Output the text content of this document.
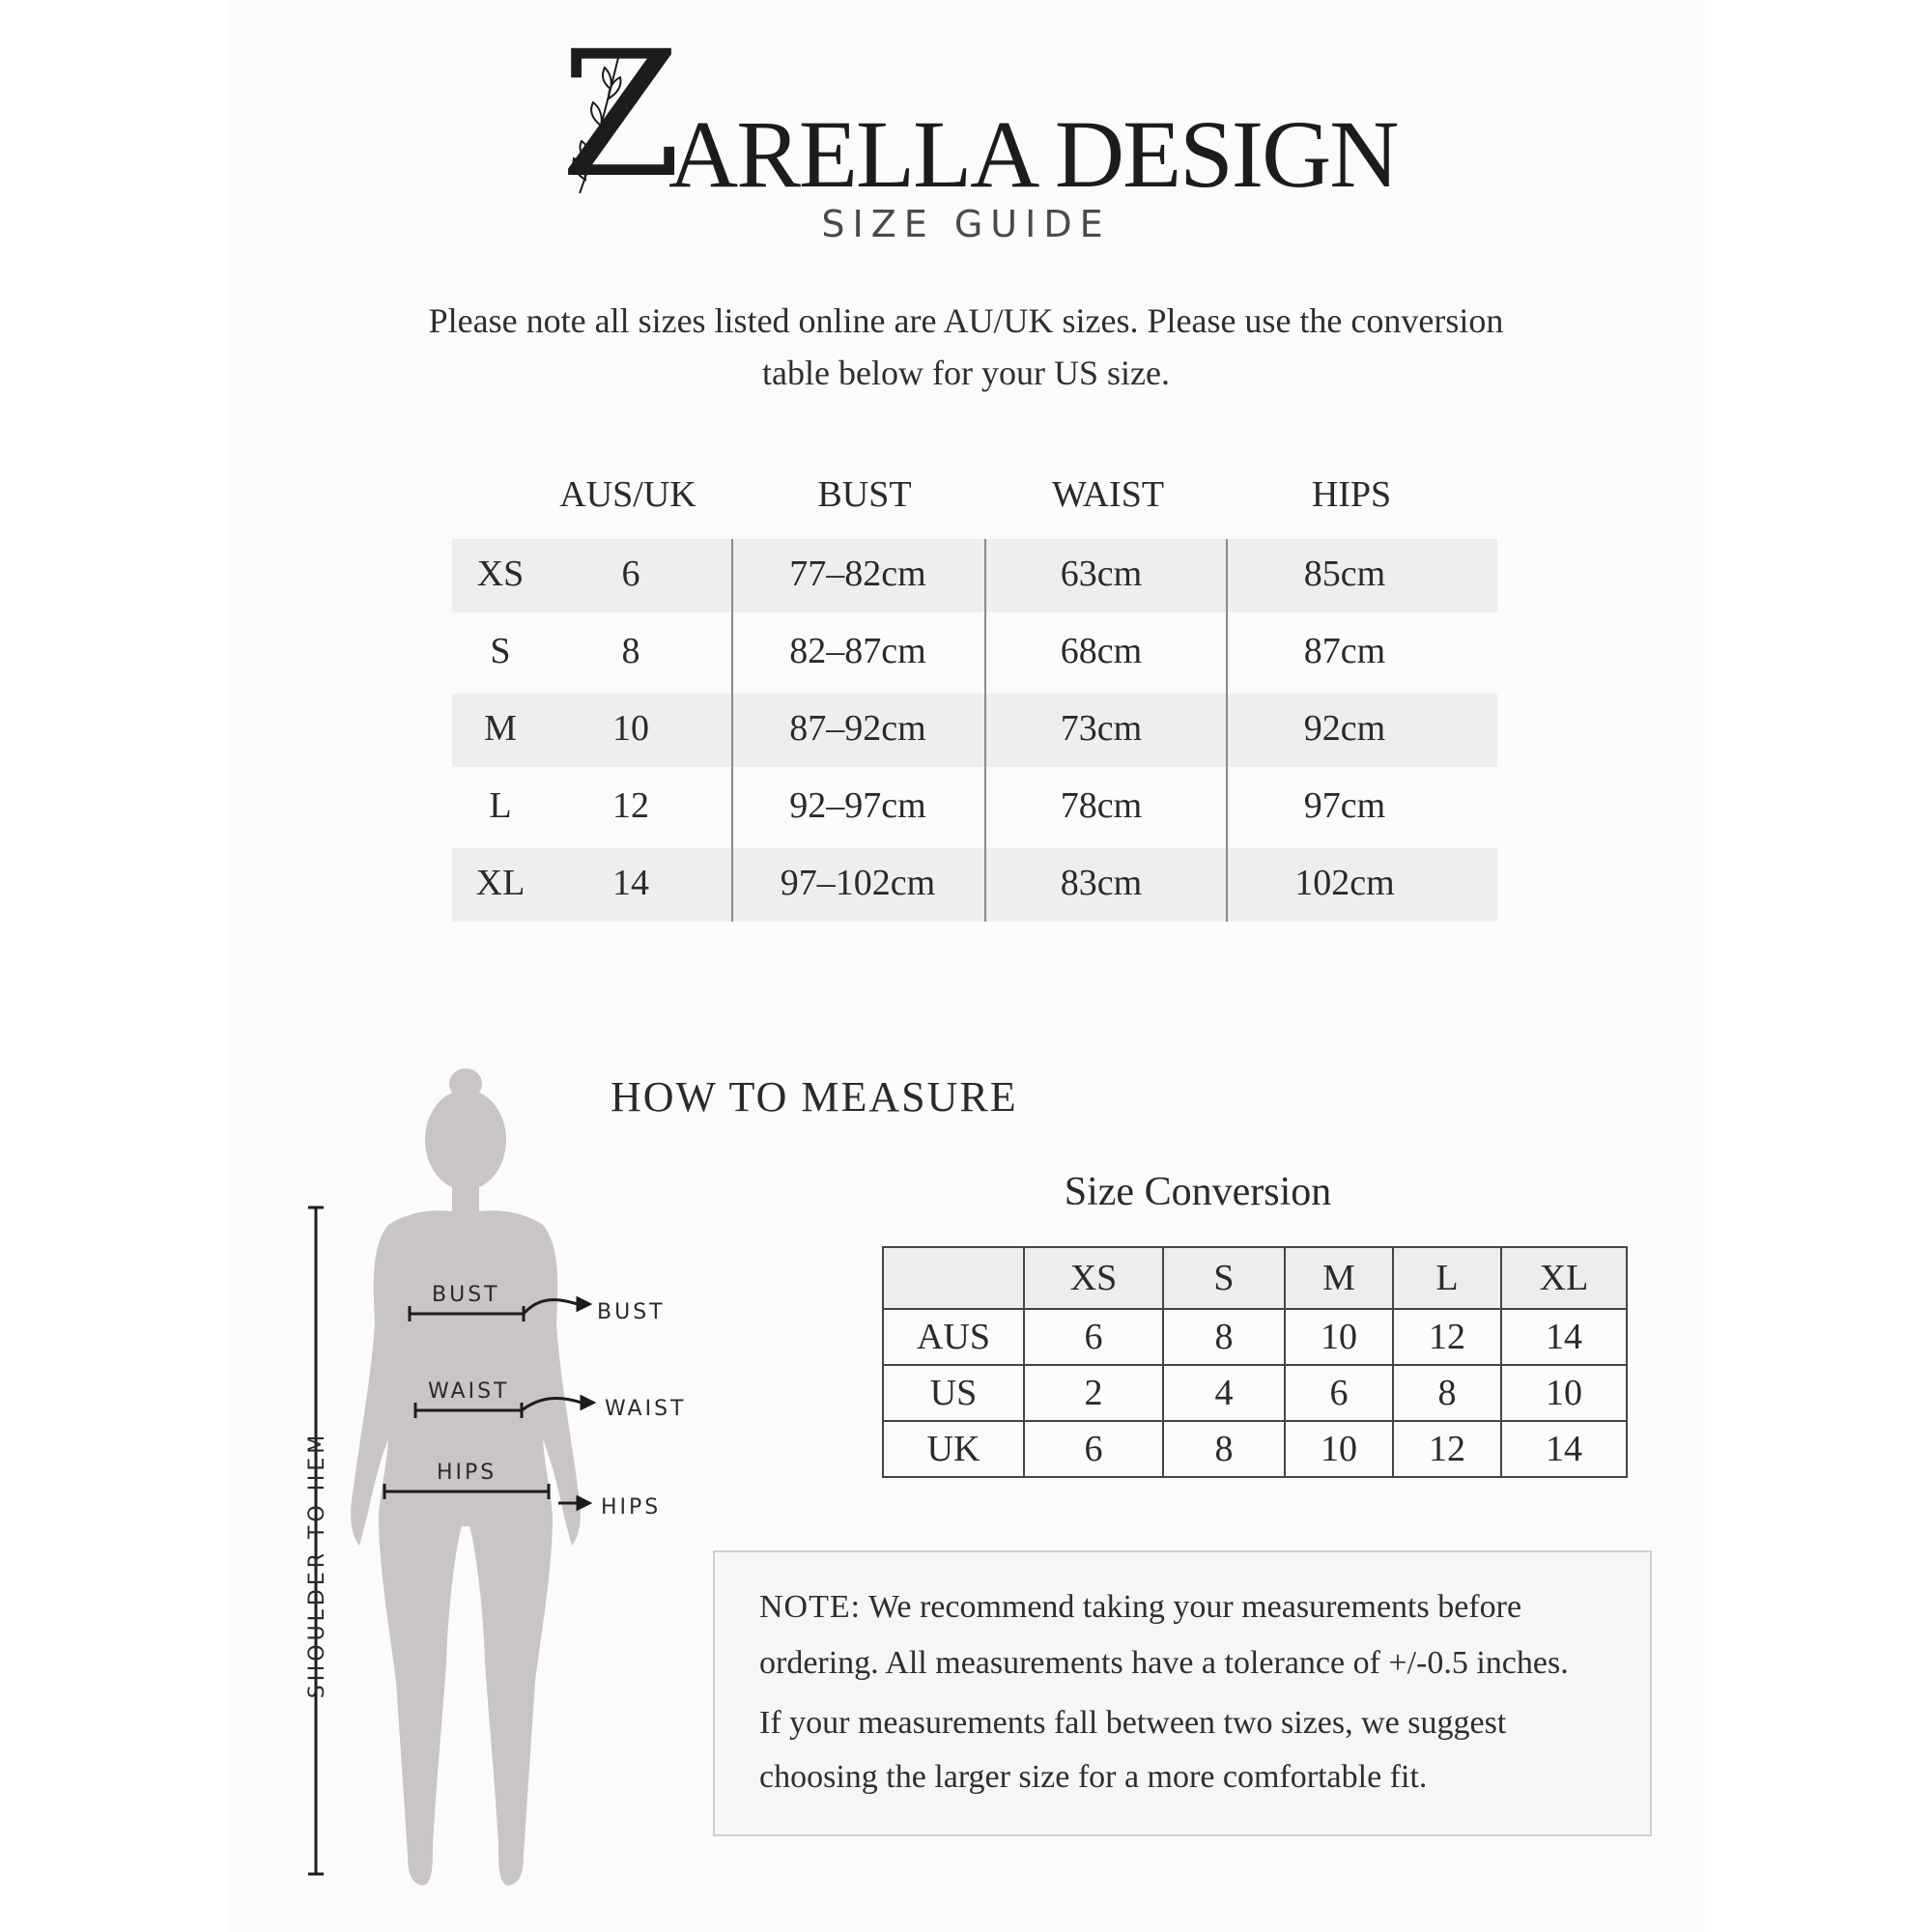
Z
ARELLA DESIGN
SIZE GUIDE
Please note all sizes listed online are AU/UK sizes. Please use the conversion
table below for your US size.
AUS/UK	BUST	WAIST	HIPS
XS	6	77–82cm	63cm	85cm
S	8	82–87cm	68cm	87cm
M	10	87–92cm	73cm	92cm
L	12	92–97cm	78cm	97cm
XL	14	97–102cm	83cm	102cm
HOW TO MEASURE
BUST
WAIST
HIPS
BUST
WAIST
HIPS
SHOULDER TO HEM
Size Conversion
	XS	S	M	L	XL
AUS	6	8	10	12	14
US	2	4	6	8	10
UK	6	8	10	12	14

NOTE: We recommend taking your measurements before

ordering. All measurements have a tolerance of +/-0.5 inches.

If your measurements fall between two sizes, we suggest

choosing the larger size for a more comfortable fit.
